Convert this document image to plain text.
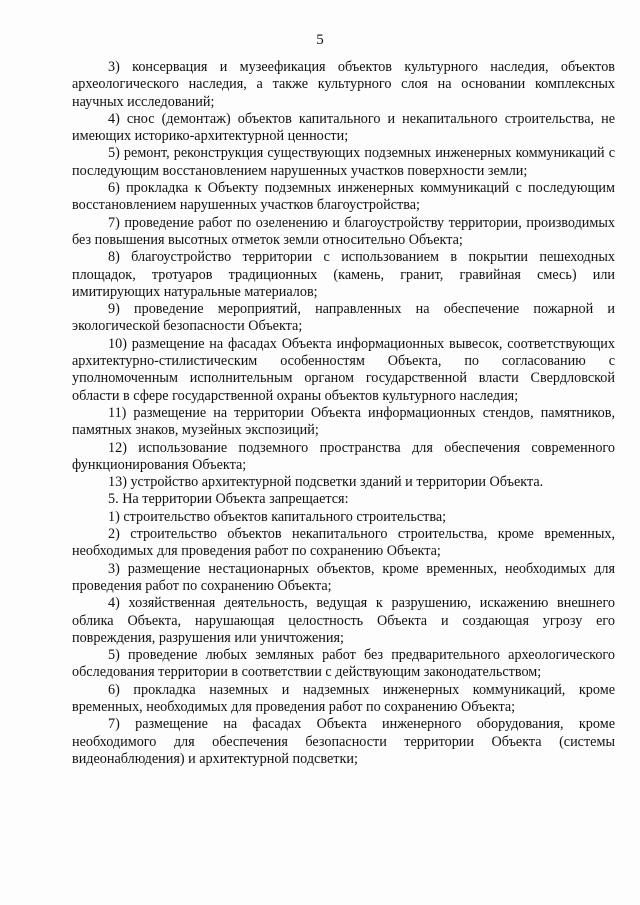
5

3) консервация и музеефикация объектов культурного наследия, объектов археологического наследия, а также культурного слоя на основании комплексных научных исследований;

4) снос (демонтаж) объектов капитального и некапитального строительства, не имеющих историко-архитектурной ценности;

5) ремонт, реконструкция существующих подземных инженерных коммуникаций с последующим восстановлением нарушенных участков поверхности земли;

6) прокладка к Объекту подземных инженерных коммуникаций с последующим восстановлением нарушенных участков благоустройства;

7) проведение работ по озеленению и благоустройству территории, производимых без повышения высотных отметок земли относительно Объекта;

8) благоустройство территории с использованием в покрытии пешеходных площадок, тротуаров традиционных (камень, гранит, гравийная смесь) или имитирующих натуральные материалов;

9) проведение мероприятий, направленных на обеспечение пожарной и экологической безопасности Объекта;

10) размещение на фасадах Объекта информационных вывесок, соответствующих архитектурно-стилистическим особенностям Объекта, по согласованию с уполномоченным исполнительным органом государственной власти Свердловской области в сфере государственной охраны объектов культурного наследия;

11) размещение на территории Объекта информационных стендов, памятников, памятных знаков, музейных экспозиций;

12) использование подземного пространства для обеспечения современного функционирования Объекта;

13) устройство архитектурной подсветки зданий и территории Объекта.

5. На территории Объекта запрещается:

1) строительство объектов капитального строительства;

2) строительство объектов некапитального строительства, кроме временных, необходимых для проведения работ по сохранению Объекта;

3) размещение нестационарных объектов, кроме временных, необходимых для проведения работ по сохранению Объекта;

4) хозяйственная деятельность, ведущая к разрушению, искажению внешнего облика Объекта, нарушающая целостность Объекта и создающая угрозу его повреждения, разрушения или уничтожения;

5) проведение любых земляных работ без предварительного археологического обследования территории в соответствии с действующим законодательством;

6) прокладка наземных и надземных инженерных коммуникаций, кроме временных, необходимых для проведения работ по сохранению Объекта;

7) размещение на фасадах Объекта инженерного оборудования, кроме необходимого для обеспечения безопасности территории Объекта (системы видеонаблюдения) и архитектурной подсветки;
